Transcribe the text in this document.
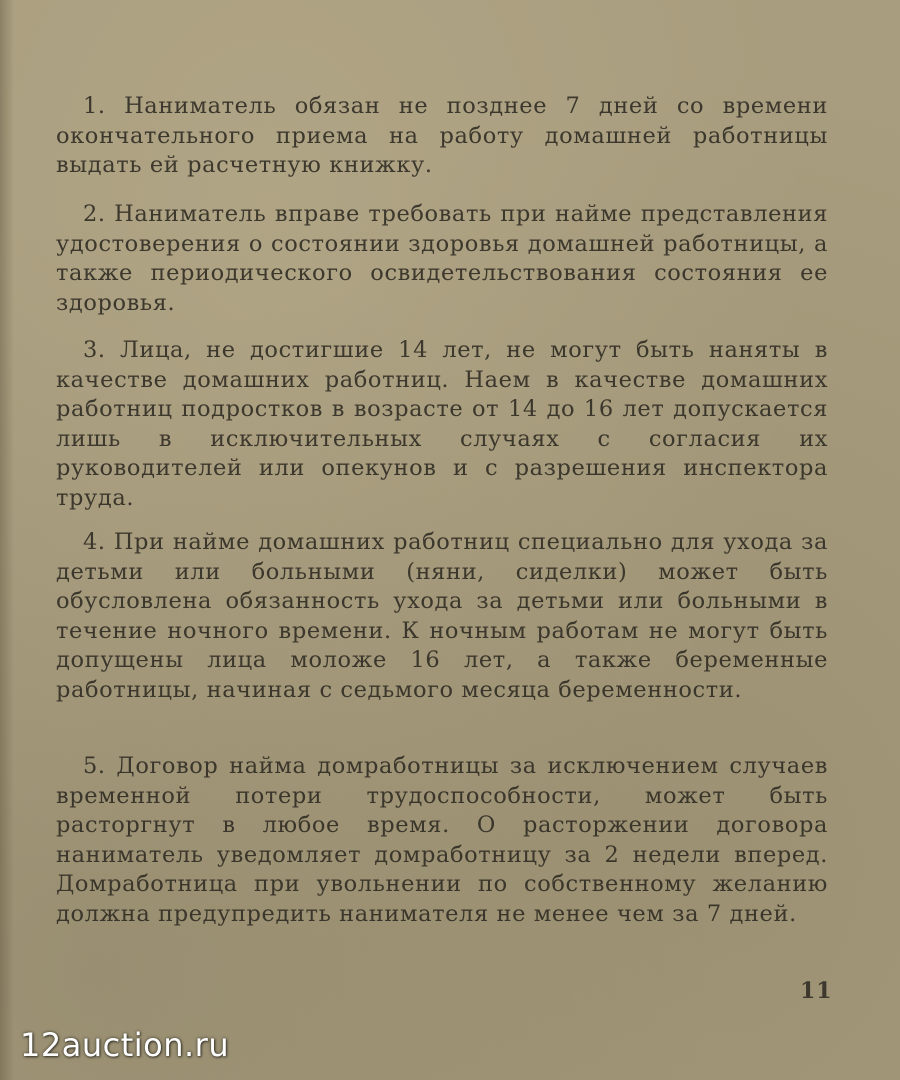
1. Наниматель обязан не позднее 7 дней со времени окончательного приема на работу домашней работницы выдать ей расчетную книжку.

2. Наниматель вправе требовать при найме представления удостоверения о состоянии здоровья домашней работницы, а также периодического освидетельствования состояния ее здоровья.

3. Лица, не достигшие 14 лет, не могут быть наняты в качестве домашних работниц. Наем в качестве домашних работниц подростков в возрасте от 14 до 16 лет допускается лишь в исключительных случаях с согласия их руководителей или опекунов и с разрешения инспектора труда.

4. При найме домашних работниц специально для ухода за детьми или больными (няни, сиделки) может быть обусловлена обязанность ухода за детьми или больными в течение ночного времени. К ночным работам не могут быть допущены лица моложе 16 лет, а также беременные работницы, начиная с седьмого месяца беременности.

5. Договор найма домработницы за исключением случаев временной потери трудоспособности, может быть расторгнут в любое время. О расторжении договора наниматель уведомляет домработницу за 2 недели вперед. Домработница при увольнении по собственному желанию должна предупредить нанимателя не менее чем за 7 дней.

11
12auction.ru
